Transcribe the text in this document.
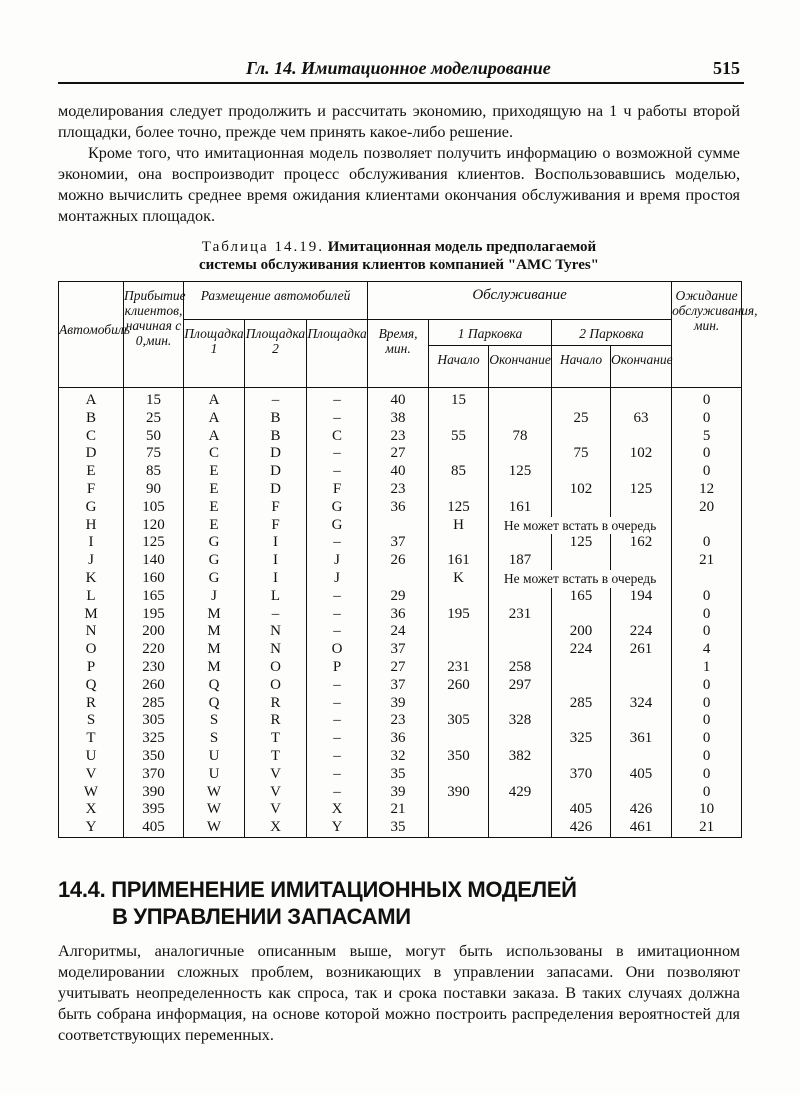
Гл. 14. Имитационное моделирование	515
моделирования следует продолжить и рассчитать экономию, приходящую на 1 ч работы второй площадки, более точно, прежде чем принять какое-либо решение.
Кроме того, что имитационная модель позволяет получить информацию о возможной сумме экономии, она воспроизводит процесс обслуживания клиентов. Воспользовавшись моделью, можно вычислить среднее время ожидания клиентами окончания обслуживания и время простоя монтажных площадок.
Таблица 14.19. Имитационная модель предполагаемой
системы обслуживания клиентов компанией "AMC Tyres"
Автомобиль	Прибытие клиентов, начиная с 0,мин.	Размещение автомобилей			Обслуживание					Ожидание обслуживания, мин.
		Площадка 1	Площадка 2	Площадка	Время, мин.	1 Парковка		2 Парковка		
						Начало	Окончание	Начало	Окончание	
A	15	A	–	–	40	15				0
B	25	A	B	–	38			25	63	0
C	50	A	B	C	23	55	78			5
D	75	C	D	–	27			75	102	0
E	85	E	D	–	40	85	125			0
F	90	E	D	F	23			102	125	12
G	105	E	F	G	36	125	161			20
H	120	E	F	G		H	Не может встать в очередь			
I	125	G	I	–	37			125	162	0
J	140	G	I	J	26	161	187			21
K	160	G	I	J		K	Не может встать в очередь			
L	165	J	L	–	29			165	194	0
M	195	M	–	–	36	195	231			0
N	200	M	N	–	24			200	224	0
O	220	M	N	O	37			224	261	4
P	230	M	O	P	27	231	258			1
Q	260	Q	O	–	37	260	297			0
R	285	Q	R	–	39			285	324	0
S	305	S	R	–	23	305	328			0
T	325	S	T	–	36			325	361	0
U	350	U	T	–	32	350	382			0
V	370	U	V	–	35			370	405	0
W	390	W	V	–	39	390	429			0
X	395	W	V	X	21			405	426	10
Y	405	W	X	Y	35			426	461	21
14.4. ПРИМЕНЕНИЕ ИМИТАЦИОННЫХ МОДЕЛЕЙ
В УПРАВЛЕНИИ ЗАПАСАМИ
Алгоритмы, аналогичные описанным выше, могут быть использованы в имитационном моделировании сложных проблем, возникающих в управлении запасами. Они позволяют учитывать неопределенность как спроса, так и срока поставки заказа. В таких случаях должна быть собрана информация, на основе которой можно построить распределения вероятностей для соответствующих переменных.
